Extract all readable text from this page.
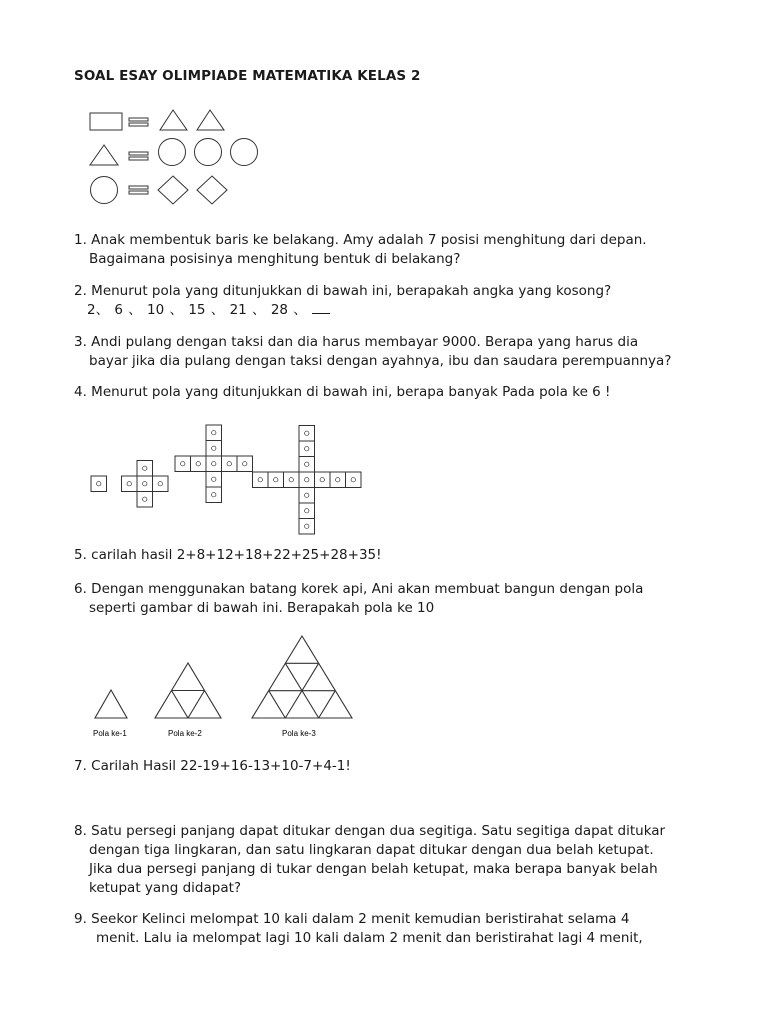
SOAL ESAY OLIMPIADE MATEMATIKA KELAS 2
1. Anak membentuk baris ke belakang. Amy adalah 7 posisi menghitung dari depan.
Bagaimana posisinya menghitung bentuk di belakang?
2. Menurut pola yang ditunjukkan di bawah ini, berapakah angka yang kosong?
2、 6 、 10 、 15 、 21 、 28 、
3. Andi pulang dengan taksi dan dia harus membayar 9000. Berapa yang harus dia
bayar jika dia pulang dengan taksi dengan ayahnya, ibu dan saudara perempuannya?
4. Menurut pola yang ditunjukkan di bawah ini, berapa banyak Pada pola ke 6 !
5. carilah hasil 2+8+12+18+22+25+28+35!
6. Dengan menggunakan batang korek api, Ani akan membuat bangun dengan pola
seperti gambar di bawah ini. Berapakah pola ke 10
Pola ke-1	Pola ke-2	Pola ke-3
7. Carilah Hasil 22-19+16-13+10-7+4-1!
8. Satu persegi panjang dapat ditukar dengan dua segitiga. Satu segitiga dapat ditukar
dengan tiga lingkaran, dan satu lingkaran dapat ditukar dengan dua belah ketupat.
Jika dua persegi panjang di tukar dengan belah ketupat, maka berapa banyak belah
ketupat yang didapat?
9. Seekor Kelinci melompat 10 kali dalam 2 menit kemudian beristirahat selama 4
menit. Lalu ia melompat lagi 10 kali dalam 2 menit dan beristirahat lagi 4 menit,
